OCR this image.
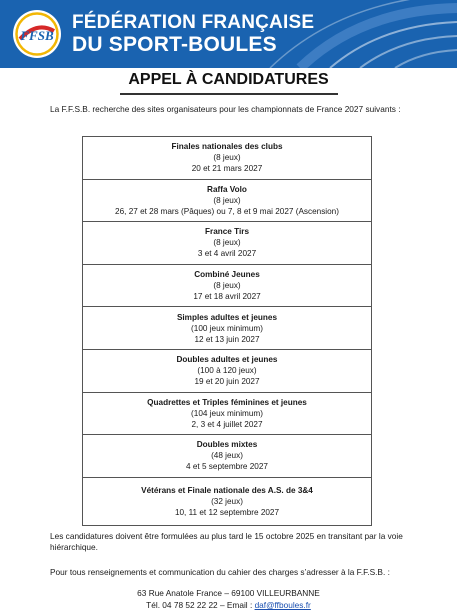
FFSB
FÉDÉRATION FRANÇAISE
DU SPORT-BOULES
APPEL À CANDIDATURES
La F.F.S.B. recherche des sites organisateurs pour les championnats de France 2027 suivants :
Finales nationales des clubs
(8 jeux)
20 et 21 mars 2027
Raffa Volo
(8 jeux)
26, 27 et 28 mars (Pâques) ou 7, 8 et 9 mai 2027 (Ascension)
France Tirs
(8 jeux)
3 et 4 avril 2027
Combiné Jeunes
(8 jeux)
17 et 18 avril 2027
Simples adultes et jeunes
(100 jeux minimum)
12 et 13 juin 2027
Doubles adultes et jeunes
(100 à 120 jeux)
19 et 20 juin 2027
Quadrettes et Triples féminines et jeunes
(104 jeux minimum)
2, 3 et 4 juillet 2027
Doubles mixtes
(48 jeux)
4 et 5 septembre 2027
Vétérans et Finale nationale des A.S. de 3&4
(32 jeux)
10, 11 et 12 septembre 2027
Les candidatures doivent être formulées au plus tard le 15 octobre 2025 en transitant par la voie hiérarchique.
Pour tous renseignements et communication du cahier des charges s’adresser à la F.F.S.B. :
63 Rue Anatole France – 69100 VILLEURBANNE
Tél. 04 78 52 22 22 – Email : daf@ffboules.fr
